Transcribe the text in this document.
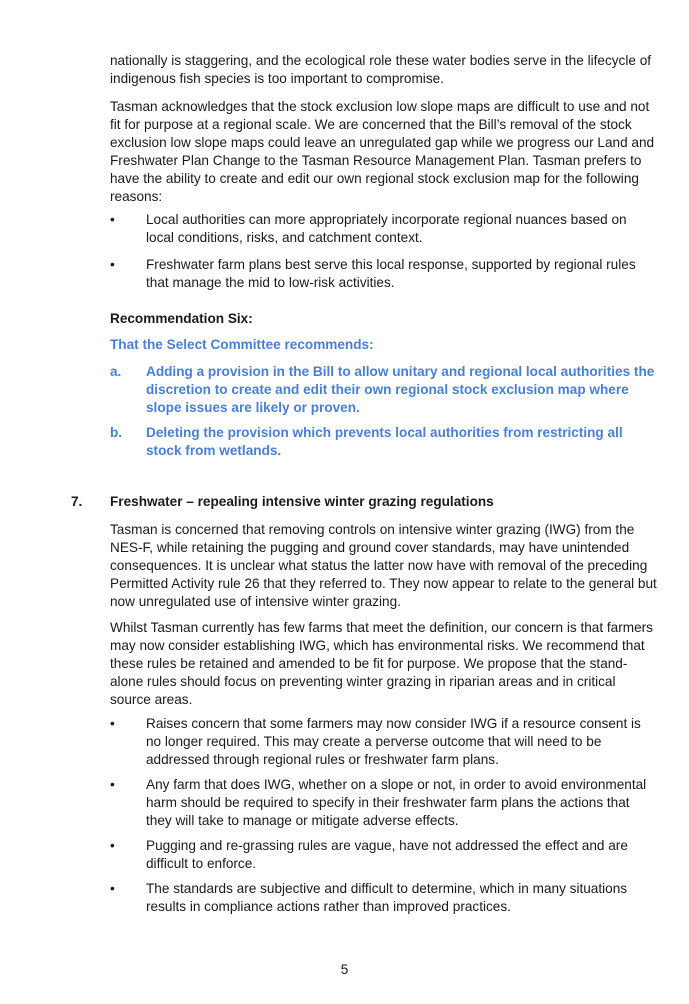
nationally is staggering, and the ecological role these water bodies serve in the lifecycle of indigenous fish species is too important to compromise.

Tasman acknowledges that the stock exclusion low slope maps are difficult to use and not fit for purpose at a regional scale. We are concerned that the Bill’s removal of the stock exclusion low slope maps could leave an unregulated gap while we progress our Land and Freshwater Plan Change to the Tasman Resource Management Plan. Tasman prefers to have the ability to create and edit our own regional stock exclusion map for the following reasons:

• Local authorities can more appropriately incorporate regional nuances based on local conditions, risks, and catchment context.
• Freshwater farm plans best serve this local response, supported by regional rules that manage the mid to low-risk activities.

Recommendation Six:

That the Select Committee recommends:

a. Adding a provision in the Bill to allow unitary and regional local authorities the discretion to create and edit their own regional stock exclusion map where slope issues are likely or proven.
b. Deleting the provision which prevents local authorities from restricting all stock from wetlands.
7. Freshwater – repealing intensive winter grazing regulations

Tasman is concerned that removing controls on intensive winter grazing (IWG) from the NES-F, while retaining the pugging and ground cover standards, may have unintended consequences. It is unclear what status the latter now have with removal of the preceding Permitted Activity rule 26 that they referred to. They now appear to relate to the general but now unregulated use of intensive winter grazing.

Whilst Tasman currently has few farms that meet the definition, our concern is that farmers may now consider establishing IWG, which has environmental risks. We recommend that these rules be retained and amended to be fit for purpose. We propose that the stand-alone rules should focus on preventing winter grazing in riparian areas and in critical source areas.

• Raises concern that some farmers may now consider IWG if a resource consent is no longer required. This may create a perverse outcome that will need to be addressed through regional rules or freshwater farm plans.
• Any farm that does IWG, whether on a slope or not, in order to avoid environmental harm should be required to specify in their freshwater farm plans the actions that they will take to manage or mitigate adverse effects.
• Pugging and re-grassing rules are vague, have not addressed the effect and are difficult to enforce.
• The standards are subjective and difficult to determine, which in many situations results in compliance actions rather than improved practices.
5
